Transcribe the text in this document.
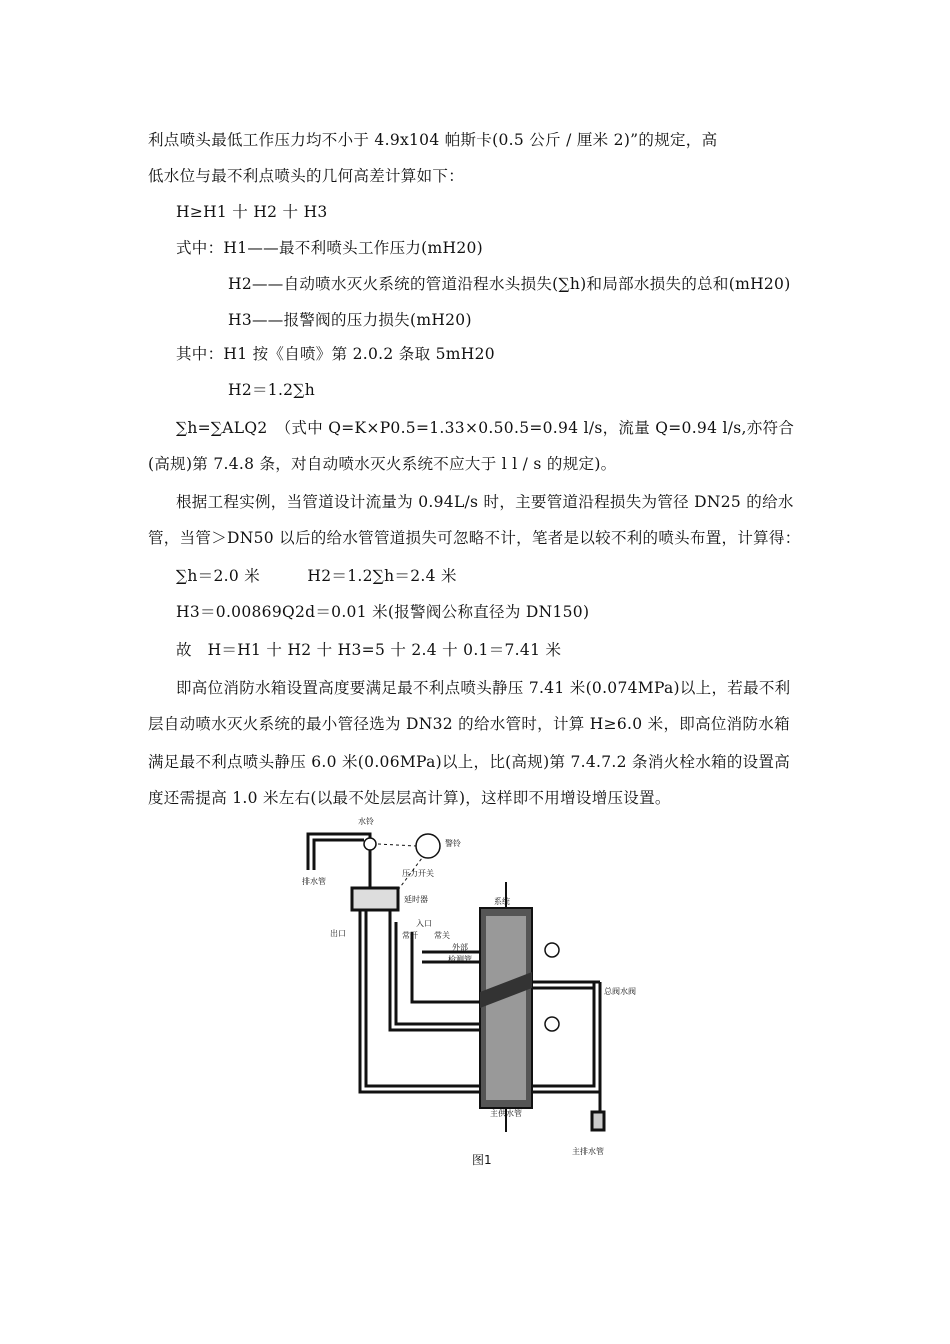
利点喷头最低工作压力均不小于 4.9x104 帕斯卡(0.5 公斤 / 厘米 2)”的规定，高
低水位与最不利点喷头的几何高差计算如下：
H≥H1 十 H2 十 H3
式中：H1——最不利喷头工作压力(mH20)
H2——自动喷水灭火系统的管道沿程水头损失(∑h)和局部水损失的总和(mH20)
H3——报警阀的压力损失(mH20)
其中：H1 按《自喷》第 2.0.2 条取 5mH20
H2＝1.2∑h
∑h=∑ALQ2　（式中 Q=K×P0.5=1.33×0.50.5=0.94 l/s，流量 Q=0.94 l/s,亦符合
(高规)第 7.4.8 条，对自动喷水灭火系统不应大于 l l / s 的规定)。
根据工程实例，当管道设计流量为 0.94L/s 时，主要管道沿程损失为管径 DN25 的给水
管，当管＞DN50 以后的给水管管道损失可忽略不计，笔者是以较不利的喷头布置，计算得：
∑h＝2.0 米　　　H2＝1.2∑h＝2.4 米
H3＝0.00869Q2d＝0.01 米(报警阀公称直径为 DN150)
故　H＝H1 十 H2 十 H3=5 十 2.4 十 0.1＝7.41 米
即高位消防水箱设置高度要满足最不利点喷头静压 7.41 米(0.074MPa)以上，若最不利
层自动喷水灭火系统的最小管径选为 DN32 的给水管时，计算 H≥6.0 米，即高位消防水箱
满足最不利点喷头静压 6.0 米(0.06MPa)以上，比(高规)第 7.4.7.2 条消火栓水箱的设置高
度还需提高 1.0 米左右(以最不处层层高计算)，这样即不用增设增压设置。
水铃
警铃
压力开关
排水管
延时器
入口
出口
系统
常开 常关
外部
检测管
总阀水阀
主供水管
主排水管
图1
